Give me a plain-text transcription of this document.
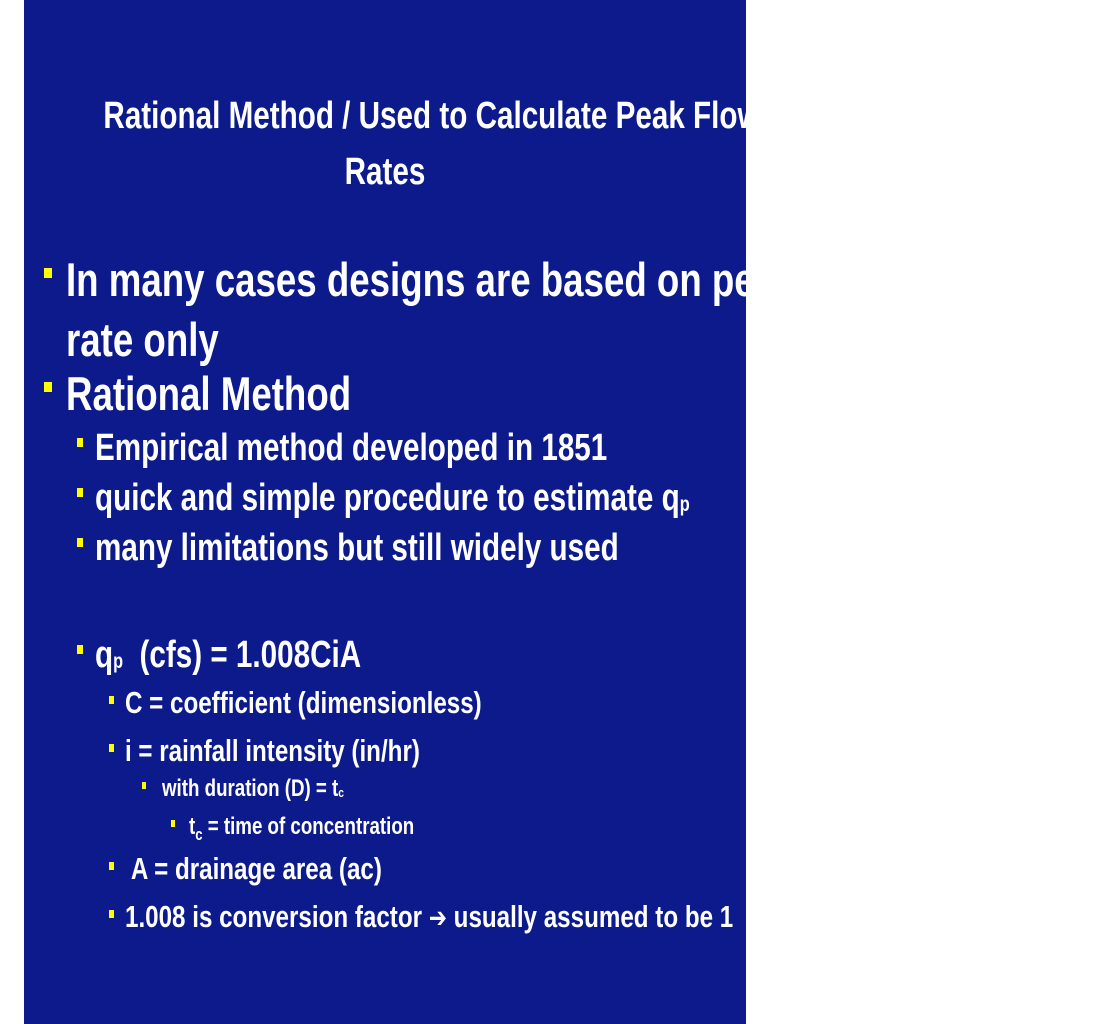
Rational Method / Used to Calculate Peak Flow
Rates
In many cases designs are based on peak flow
rate only
Rational Method
Empirical method developed in 1851
quick and simple procedure to estimate qp
many limitations but still widely used
qp  (cfs) = 1.008CiA
C = coefficient (dimensionless)
i = rainfall intensity (in/hr)
with duration (D) = tc
$t_c$ = time of concentration
A = drainage area (ac)
1.008 is conversion factor ➔ usually assumed to be 1
